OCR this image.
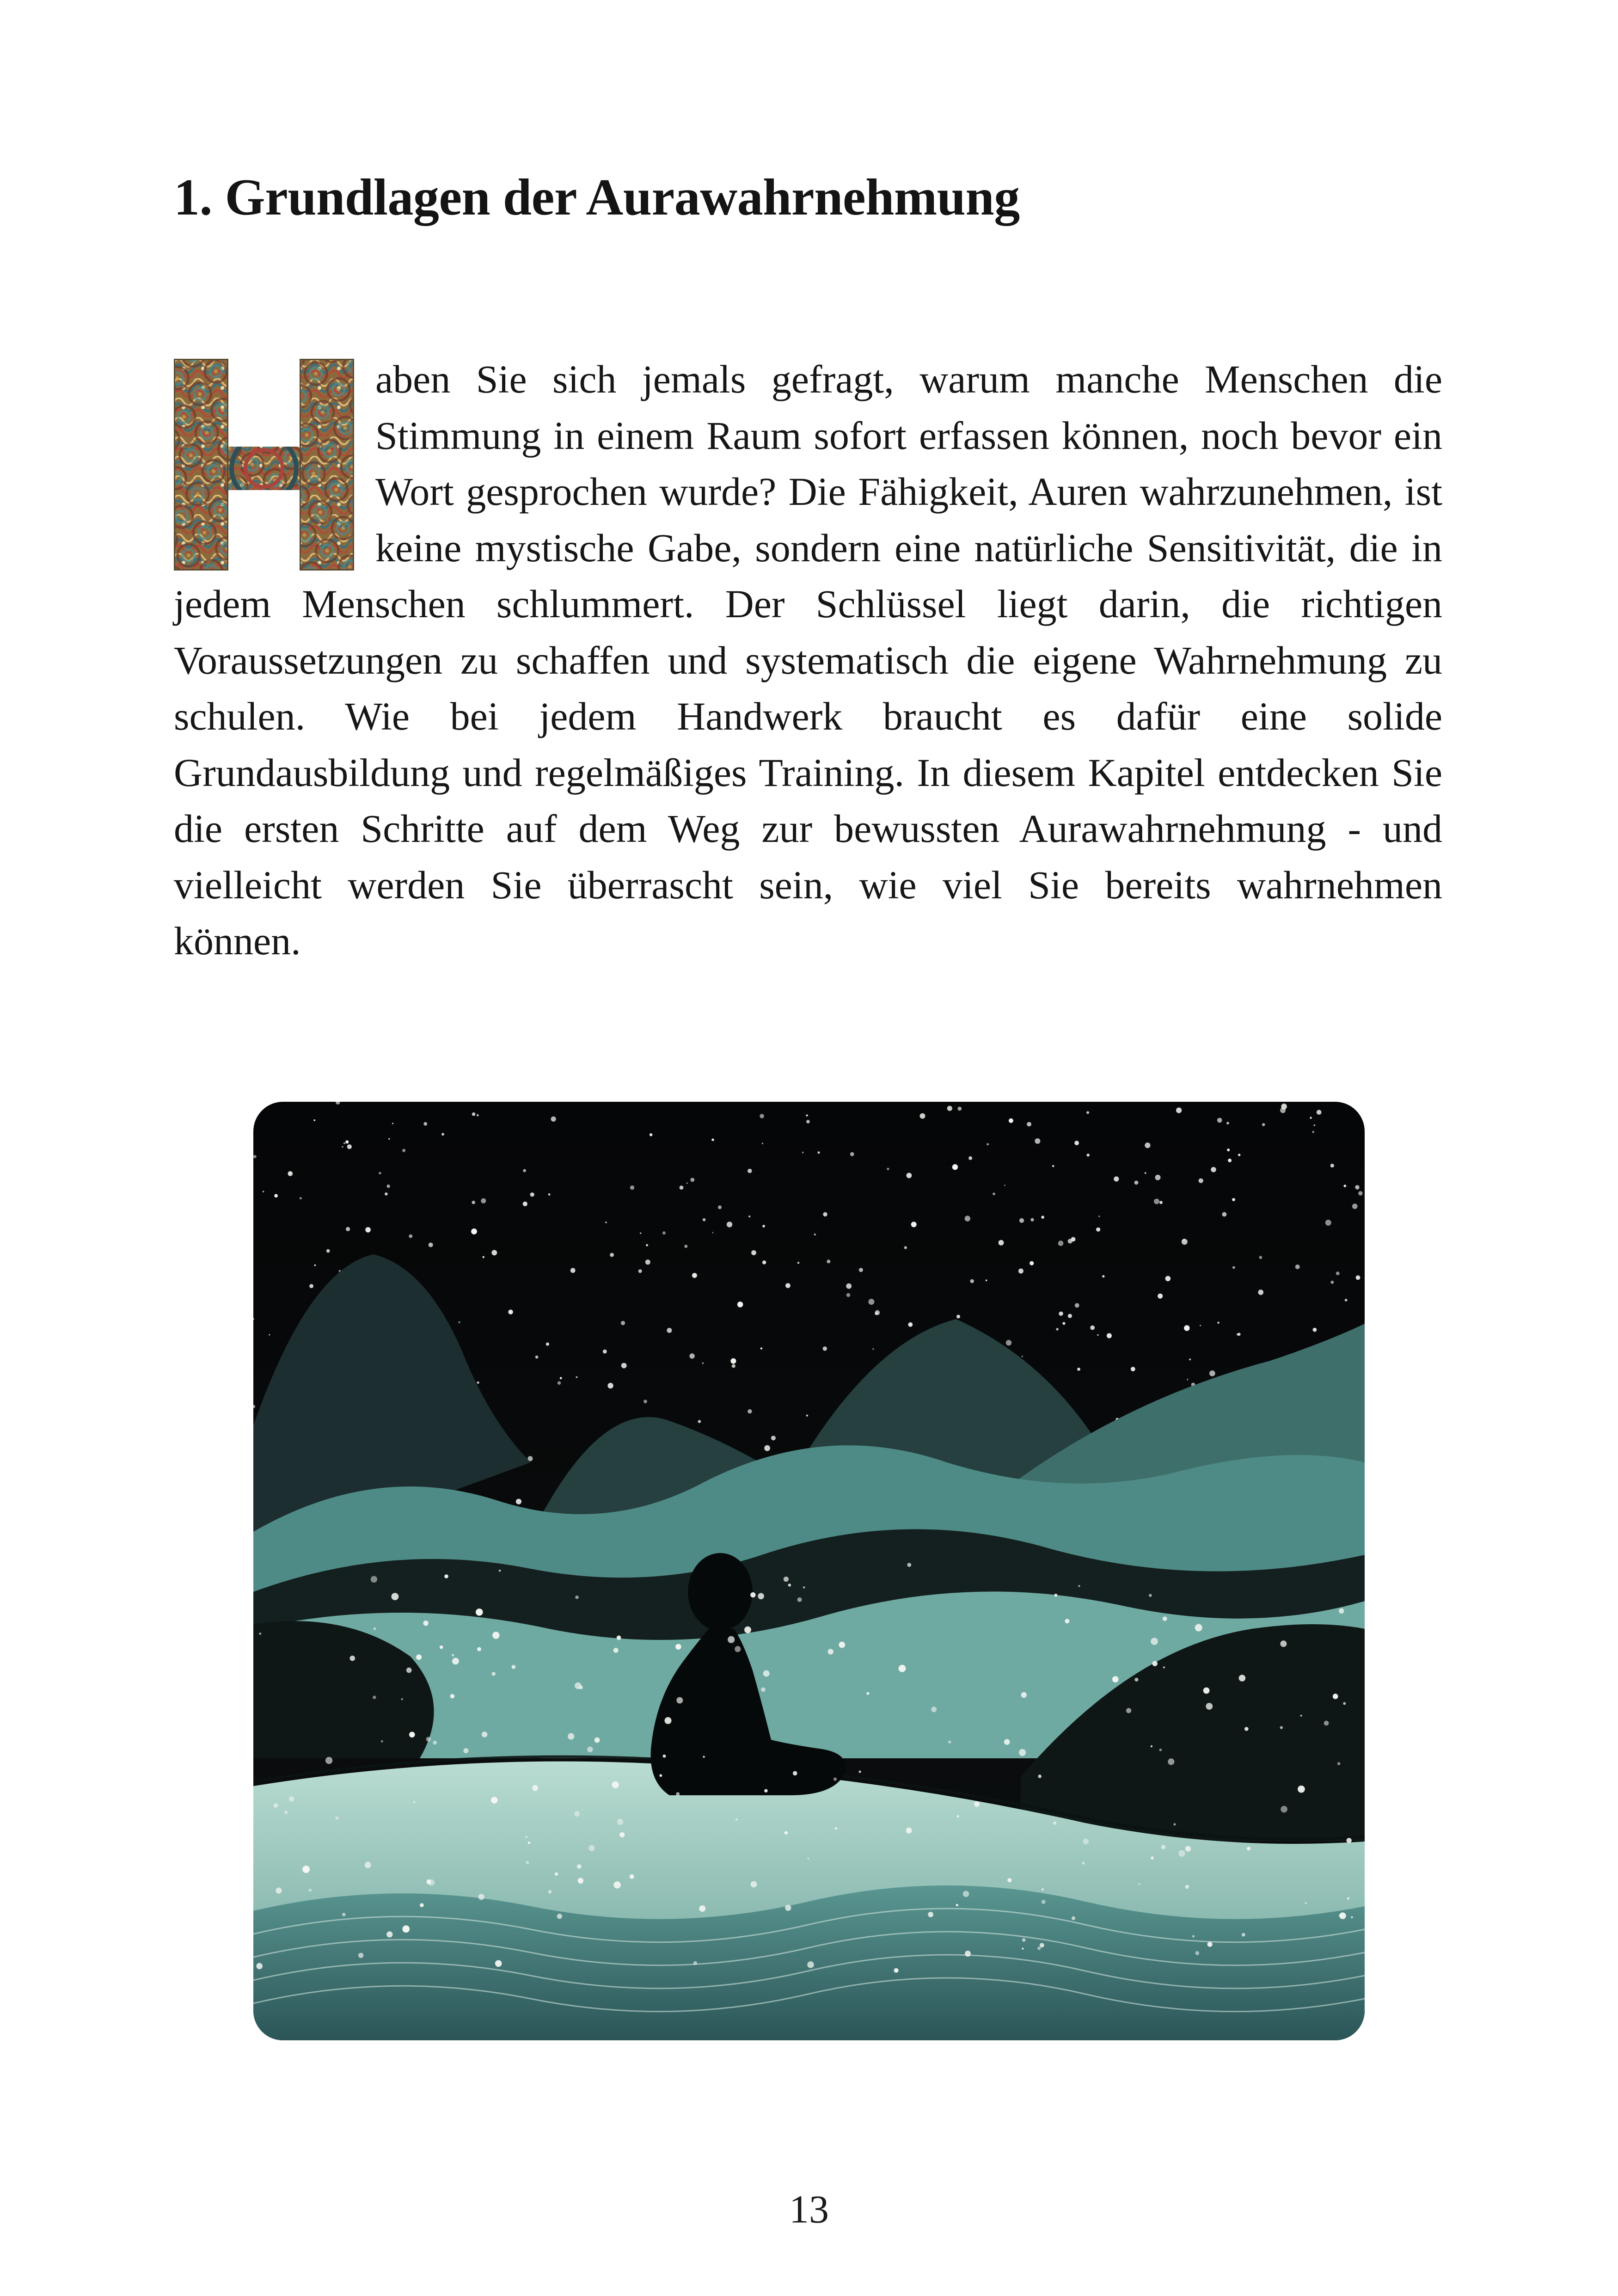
1. Grundlagen der Aurawahrnehmung

aben Sie sich jemals gefragt, warum manche Menschen die Stimmung in einem Raum sofort erfassen können, noch bevor ein Wort gesprochen wurde? Die Fähigkeit, Auren wahrzunehmen, ist keine mystische Gabe, sondern eine natürliche Sensitivität, die in jedem Menschen schlummert. Der Schlüssel liegt darin, die richtigen Voraussetzungen zu schaffen und systematisch die eigene Wahrnehmung zu schulen. Wie bei jedem Handwerk braucht es dafür eine solide Grundausbildung und regelmäßiges Training. In diesem Kapitel entdecken Sie die ersten Schritte auf dem Weg zur bewussten Aurawahrnehmung - und vielleicht werden Sie überrascht sein, wie viel Sie bereits wahrnehmen können.

13
